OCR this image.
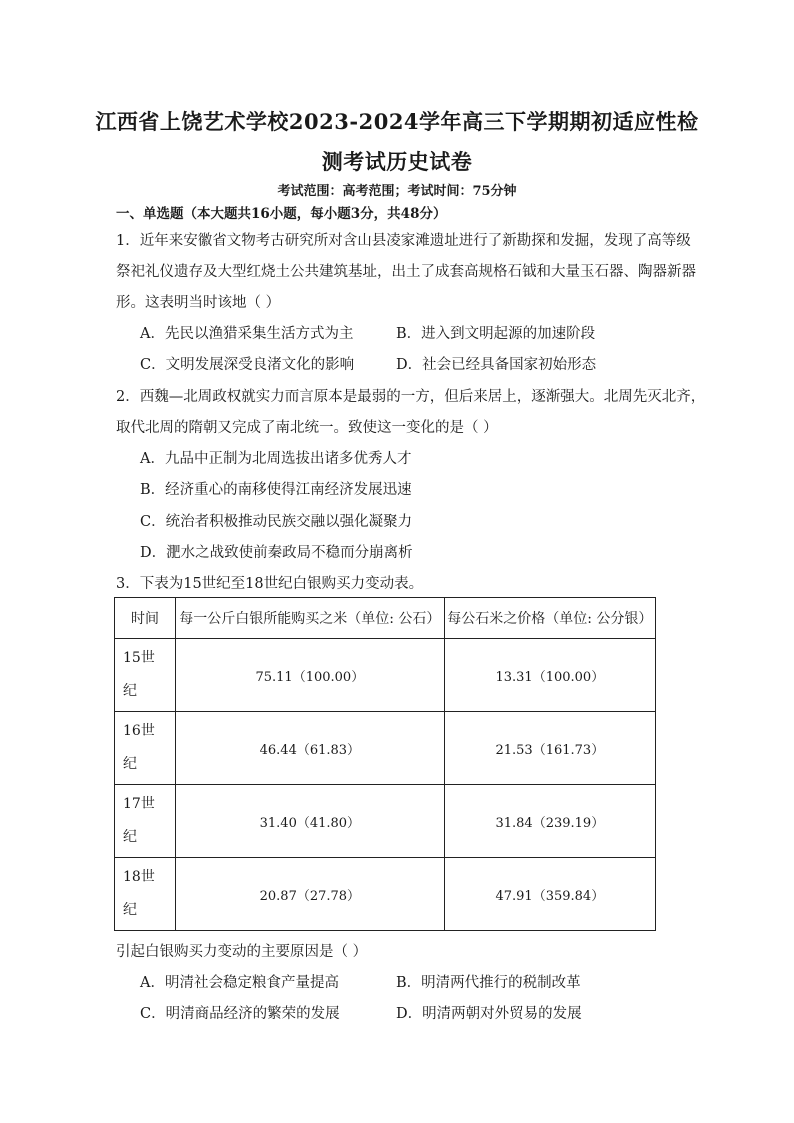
江西省上饶艺术学校2023-2024学年高三下学期期初适应性检
测考试历史试卷
考试范围：高考范围；考试时间：75分钟
一、单选题（本大题共16小题，每小题3分，共48分）
1．近年来安徽省文物考古研究所对含山县凌家滩遗址进行了新勘探和发掘，发现了高等级
祭祀礼仪遗存及大型红烧土公共建筑基址，出土了成套高规格石钺和大量玉石器、陶器新器
形。这表明当时该地（ ）
A．先民以渔猎采集生活方式为主	B．进入到文明起源的加速阶段
C．文明发展深受良渚文化的影响	D．社会已经具备国家初始形态
2．西魏—北周政权就实力而言原本是最弱的一方，但后来居上，逐渐强大。北周先灭北齐，
取代北周的隋朝又完成了南北统一。致使这一变化的是（ ）
A．九品中正制为北周选拔出诸多优秀人才
B．经济重心的南移使得江南经济发展迅速
C．统治者积极推动民族交融以强化凝聚力
D．淝水之战致使前秦政局不稳而分崩离析
3．下表为15世纪至18世纪白银购买力变动表。
时间	每一公斤白银所能购买之米（单位: 公石）	每公石米之价格（单位: 公分银）
15世
纪	75.11（100.00）	13.31（100.00）
16世
纪	46.44（61.83）	21.53（161.73）
17世
纪	31.40（41.80）	31.84（239.19）
18世
纪	20.87（27.78）	47.91（359.84）
引起白银购买力变动的主要原因是（ ）
A．明清社会稳定粮食产量提高	B．明清两代推行的税制改革
C．明清商品经济的繁荣的发展	D．明清两朝对外贸易的发展
